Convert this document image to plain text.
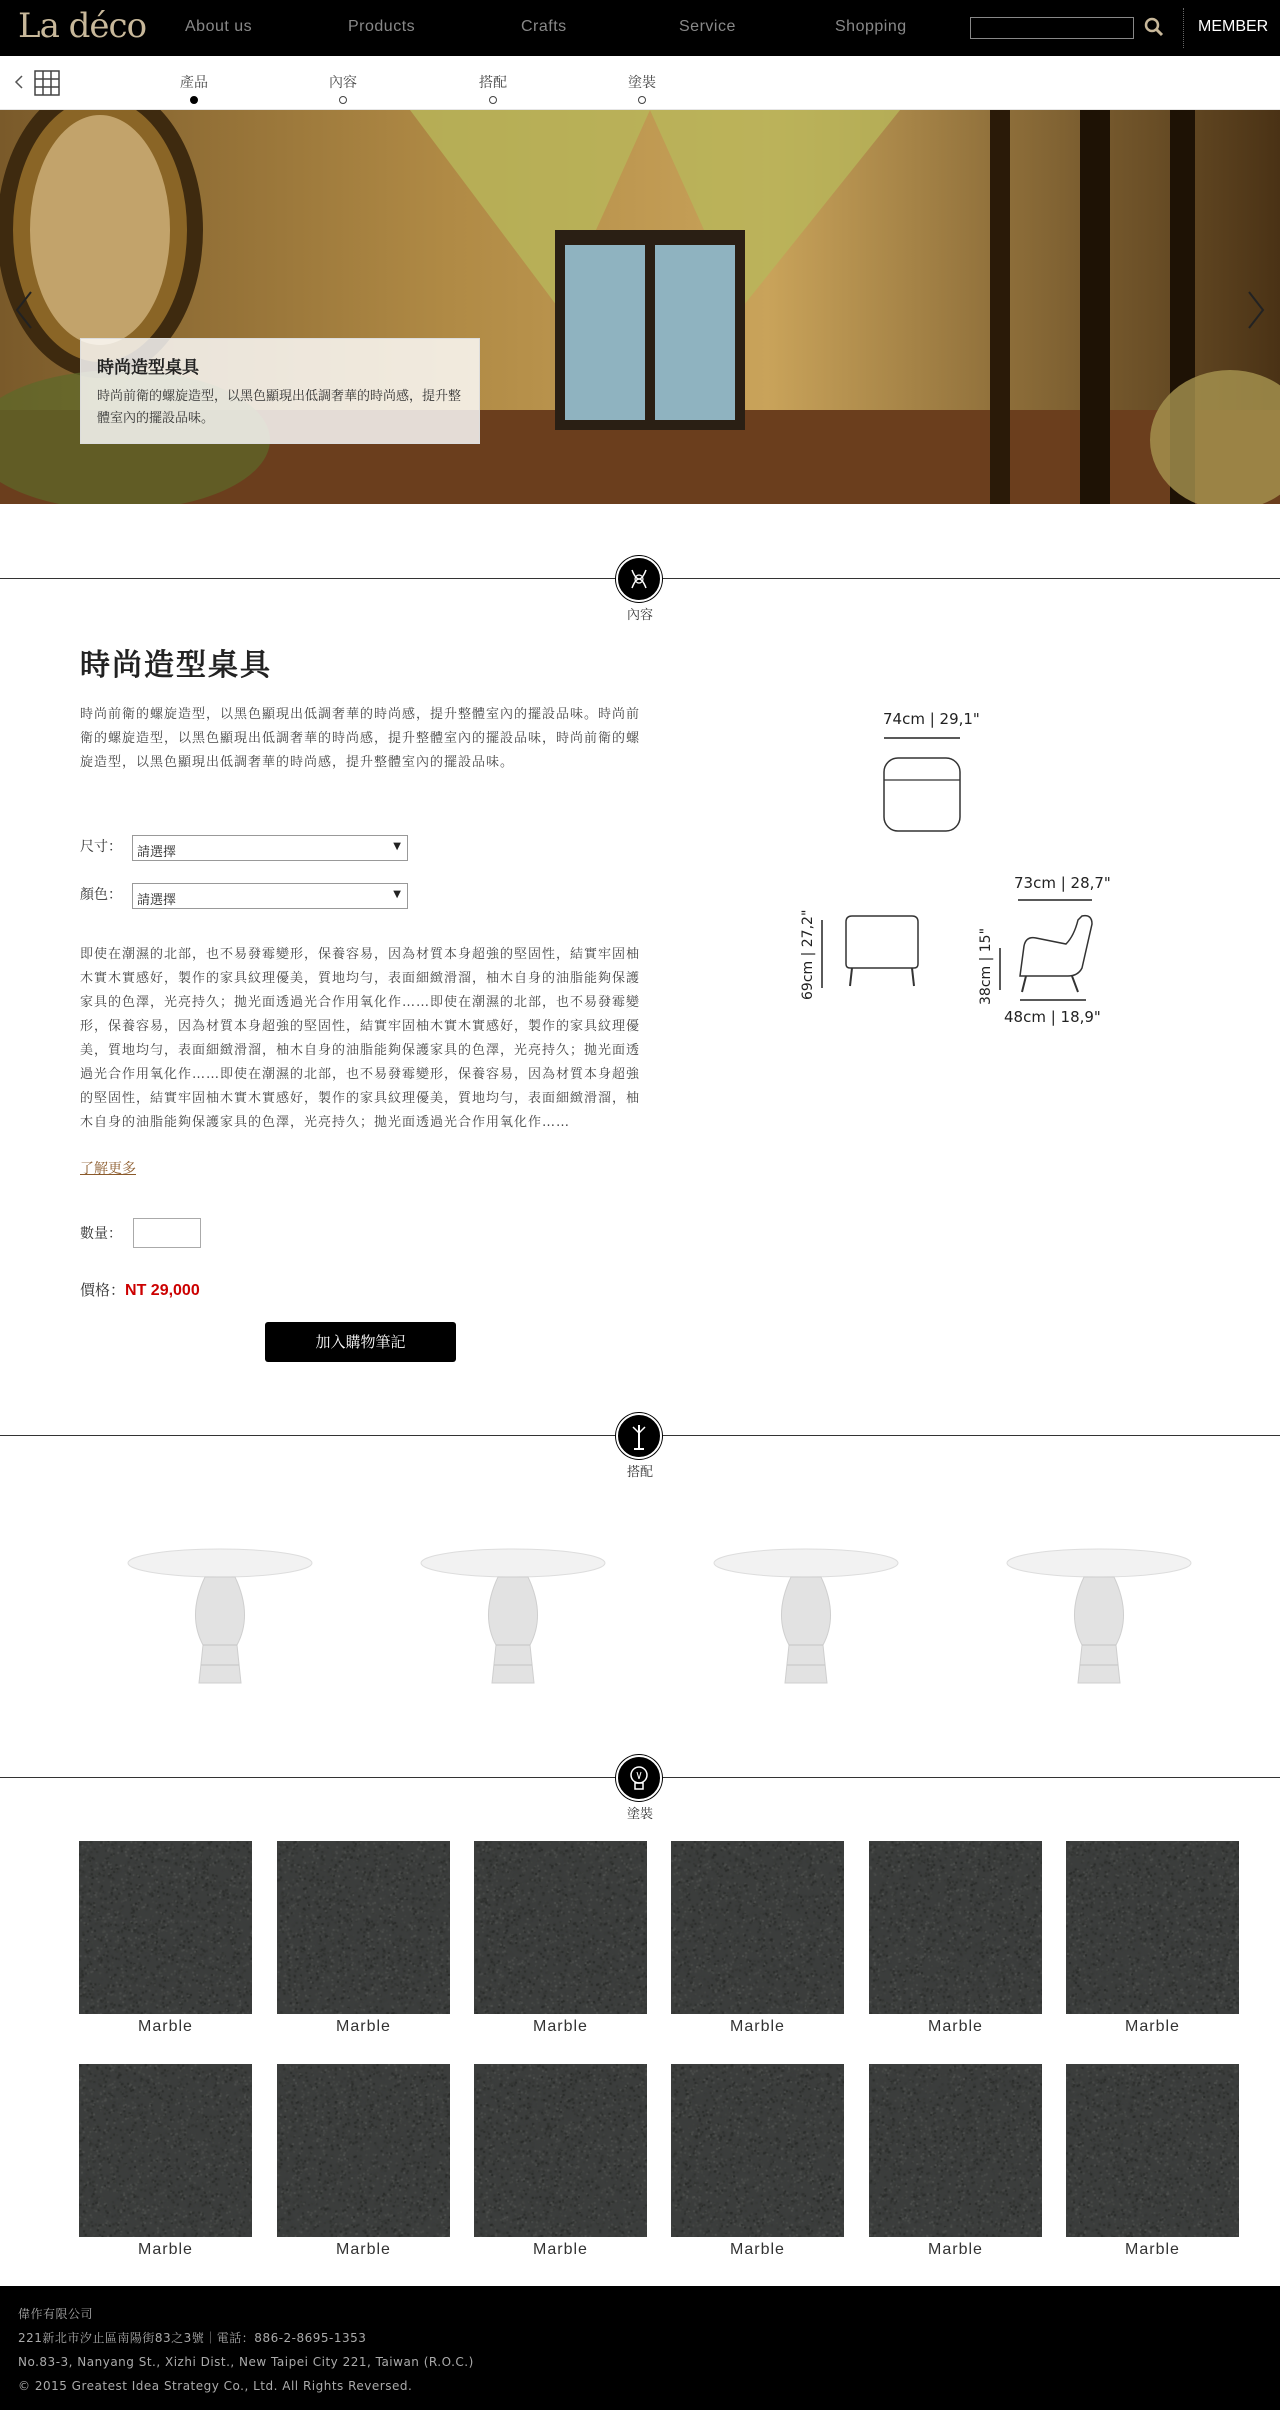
La déco About us	Products	Crafts	Service	Shopping	MEMBER
產品	內容	搭配	塗裝
時尚造型桌具

時尚前衛的螺旋造型，以黑色顯現出低調奢華的時尚感，提升整體室內的擺設品味。

內容
時尚造型桌具
時尚前衛的螺旋造型，以黑色顯現出低調奢華的時尚感，提升整體室內的擺設品味。時尚前衛的螺旋造型，以黑色顯現出低調奢華的時尚感，提升整體室內的擺設品味，時尚前衛的螺旋造型，以黑色顯現出低調奢華的時尚感，提升整體室內的擺設品味。
尺寸：	請選擇	▼
顏色：	請選擇	▼
即使在潮濕的北部，也不易發霉變形，保養容易，因為材質本身超強的堅固性，結實牢固柚木實木實感好，製作的家具紋理優美，質地均勻，表面細緻滑溜，柚木自身的油脂能夠保護家具的色澤，光亮持久；拋光面透過光合作用氧化作……即使在潮濕的北部，也不易發霉變形，保養容易，因為材質本身超強的堅固性，結實牢固柚木實木實感好，製作的家具紋理優美，質地均勻，表面細緻滑溜，柚木自身的油脂能夠保護家具的色澤，光亮持久；拋光面透過光合作用氧化作……即使在潮濕的北部，也不易發霉變形，保養容易，因為材質本身超強的堅固性，結實牢固柚木實木實感好，製作的家具紋理優美，質地均勻，表面細緻滑溜，柚木自身的油脂能夠保護家具的色澤，光亮持久；拋光面透過光合作用氧化作……
了解更多
數量：
價格：NT 29,000
加入購物筆記
74cm | 29,1"
69cm | 27,2"
73cm | 28,7"
38cm | 15"
48cm | 18,9"
搭配
塗裝
Marble	Marble	Marble	Marble	Marble	Marble
Marble	Marble	Marble	Marble	Marble	Marble

偉作有限公司

221新北市汐止區南陽街83之3號｜電話：886-2-8695-1353

No.83-3, Nanyang St., Xizhi Dist., New Taipei City 221, Taiwan (R.O.C.)

© 2015 Greatest Idea Strategy Co., Ltd. All Rights Reversed.
